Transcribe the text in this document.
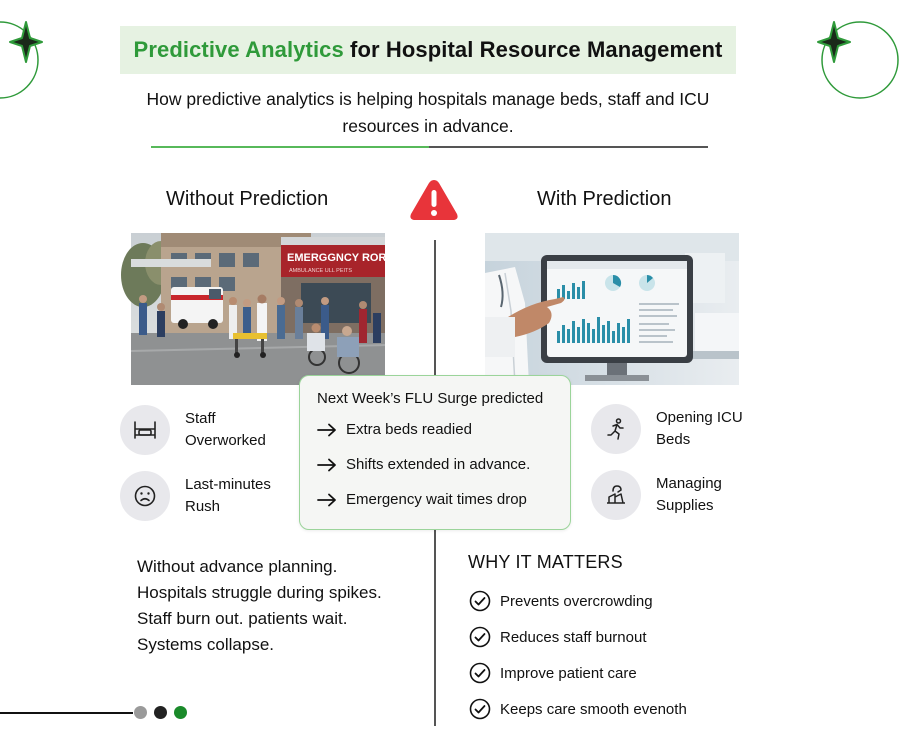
Predictive Analytics for Hospital Resource Management
How predictive analytics is helping hospitals manage beds, staff and ICU resources in advance.
Without Prediction	With Prediction
EMERGGNCY RORON
AMBULANCE ULL PEITS
Staff Overworked
Last-minutes Rush
Opening ICU Beds
Managing Supplies
Next Week’s FLU Surge predicted
Extra beds readied
Shifts extended in advance.
Emergency wait times drop
Without advance planning.
Hospitals struggle during spikes.
Staff burn out. patients wait.
Systems collapse.
WHY IT MATTERS
Prevents overcrowding
Reduces staff burnout
Improve patient care
Keeps care smooth evenoth
